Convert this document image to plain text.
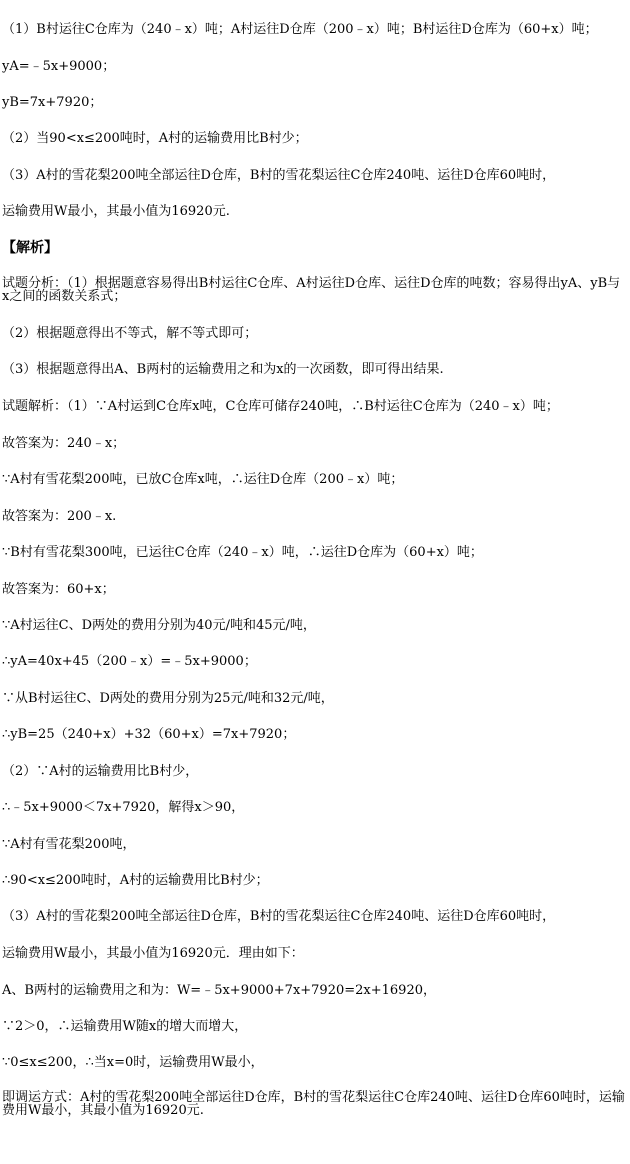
（1）B村运往C仓库为（240﹣x）吨；A村运往D仓库（200﹣x）吨；B村运往D仓库为（60+x）吨；
yA=﹣5x+9000；
yB=7x+7920；
（2）当90<x≤200吨时，A村的运输费用比B村少；
（3）A村的雪花梨200吨全部运往D仓库，B村的雪花梨运往C仓库240吨、运往D仓库60吨时，
运输费用W最小，其最小值为16920元.
【解析】
试题分析：（1）根据题意容易得出B村运往C仓库、A村运往D仓库、运往D仓库的吨数；容易得出yA、yB与x之间的函数关系式；
（2）根据题意得出不等式，解不等式即可；
（3）根据题意得出A、B两村的运输费用之和为x的一次函数，即可得出结果.
试题解析：（1）∵A村运到C仓库x吨，C仓库可储存240吨，∴B村运往C仓库为（240﹣x）吨；
故答案为：240﹣x；
∵A村有雪花梨200吨，已放C仓库x吨，∴运往D仓库（200﹣x）吨；
故答案为：200﹣x.
∵B村有雪花梨300吨，已运往C仓库（240﹣x）吨，∴运往D仓库为（60+x）吨；
故答案为：60+x；
∵A村运往C、D两处的费用分别为40元/吨和45元/吨，
∴yA=40x+45（200﹣x）=﹣5x+9000；
∵从B村运往C、D两处的费用分别为25元/吨和32元/吨，
∴yB=25（240+x）+32（60+x）=7x+7920；
（2）∵A村的运输费用比B村少，
∴﹣5x+9000＜7x+7920，解得x＞90，
∵A村有雪花梨200吨，
∴90<x≤200吨时，A村的运输费用比B村少；
（3）A村的雪花梨200吨全部运往D仓库，B村的雪花梨运往C仓库240吨、运往D仓库60吨时，
运输费用W最小，其最小值为16920元．理由如下：
A、B两村的运输费用之和为：W=﹣5x+9000+7x+7920=2x+16920，
∵2＞0，∴运输费用W随x的增大而增大，
∵0≤x≤200，∴当x=0时，运输费用W最小，
即调运方式：A村的雪花梨200吨全部运往D仓库，B村的雪花梨运往C仓库240吨、运往D仓库60吨时，运输费用W最小，其最小值为16920元.
